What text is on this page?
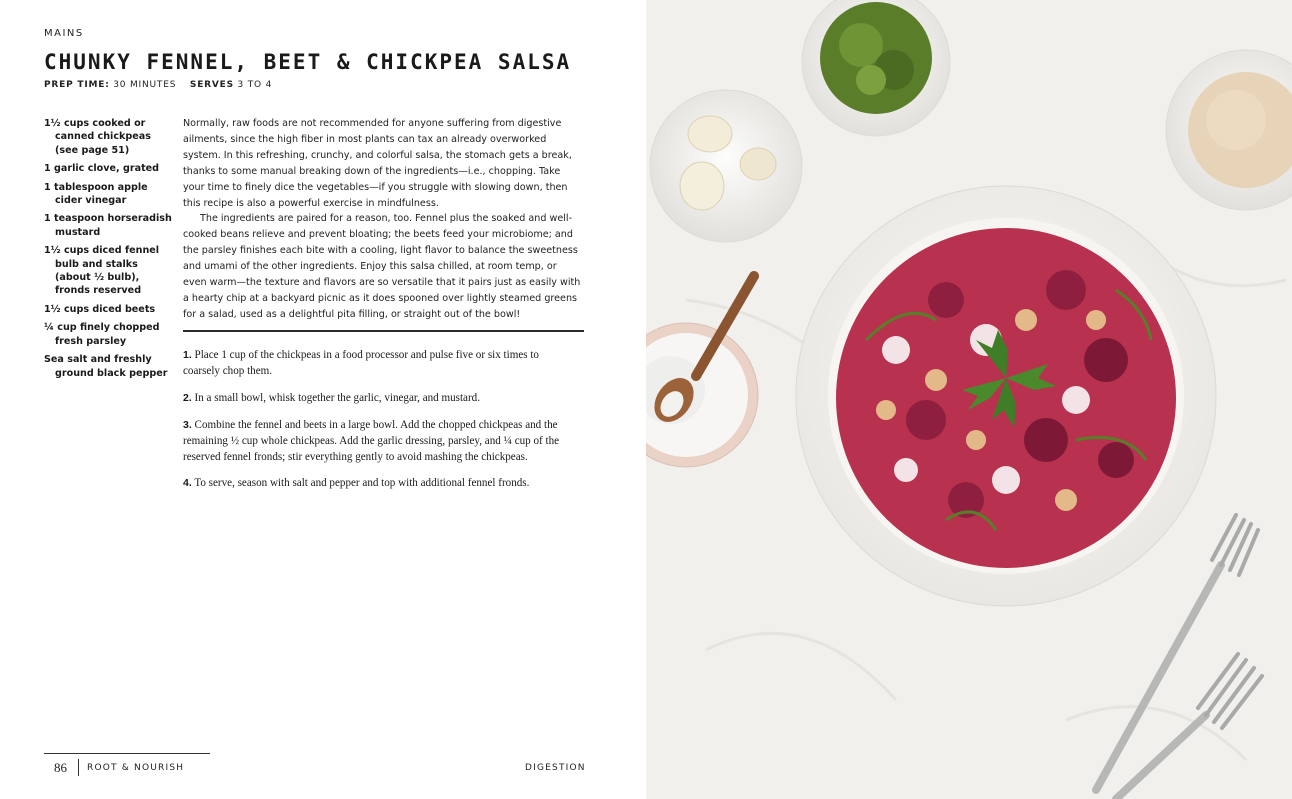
MAINS
CHUNKY FENNEL, BEET & CHICKPEA SALSA
PREP TIME: 30 MINUTES SERVES 3 TO 4
1½ cups cooked or canned chickpeas (see page 51)
1 garlic clove, grated
1 tablespoon apple cider vinegar
1 teaspoon horseradish mustard
1½ cups diced fennel bulb and stalks (about ½ bulb), fronds reserved
1½ cups diced beets
¼ cup finely chopped fresh parsley
Sea salt and freshly ground black pepper

Normally, raw foods are not recommended for anyone suffering from digestive ailments, since the high fiber in most plants can tax an already overworked system. In this refreshing, crunchy, and colorful salsa, the stomach gets a break, thanks to some manual breaking down of the ingredients—i.e., chopping. Take your time to finely dice the vegetables—if you struggle with slowing down, then this recipe is also a powerful exercise in mindfulness.

The ingredients are paired for a reason, too. Fennel plus the soaked and well-cooked beans relieve and prevent bloating; the beets feed your microbiome; and the parsley finishes each bite with a cooling, light flavor to balance the sweetness and umami of the other ingredients. Enjoy this salsa chilled, at room temp, or even warm—the texture and flavors are so versatile that it pairs just as easily with a hearty chip at a backyard picnic as it does spooned over lightly steamed greens for a salad, used as a delightful pita filling, or straight out of the bowl!

1. Place 1 cup of the chickpeas in a food processor and pulse five or six times to coarsely chop them.
2. In a small bowl, whisk together the garlic, vinegar, and mustard.
3. Combine the fennel and beets in a large bowl. Add the chopped chickpeas and the remaining ½ cup whole chickpeas. Add the garlic dressing, parsley, and ¼ cup of the reserved fennel fronds; stir everything gently to avoid mashing the chickpeas.
4. To serve, season with salt and pepper and top with additional fennel fronds.
86 ROOT & NOURISH	DIGESTION
